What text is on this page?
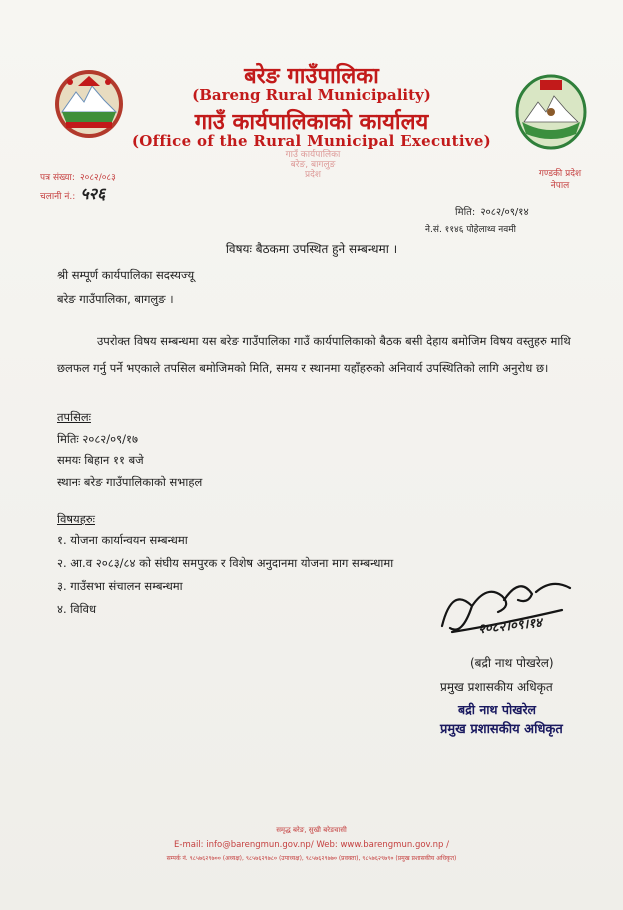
बरेङ गाउँपालिका
(Bareng Rural Municipality)
गाउँ कार्यपालिकाको कार्यालय
(Office of the Rural Municipal Executive)
गाउँ कार्यपालिका
बरेङ, बागलुङ
प्रदेश	गण्डकी प्रदेश
नेपाल
पत्र संख्या: २०८२/०८३
चलानी नं.: ५२६
मिति: २०८२/०९/१४
ने.सं. ११४६ पोहेलाथ्व नवमी
विषयः बैठकमा उपस्थित हुने सम्बन्धमा ।
श्री सम्पूर्ण कार्यपालिका सदस्यज्यू
बरेङ गाउँपालिका, बागलुङ ।
उपरोक्त विषय सम्बन्धमा यस बरेङ गाउँपालिका गाउँ कार्यपालिकाको बैठक बसी देहाय बमोजिम विषय वस्तुहरु माथि छलफल गर्नु पर्ने भएकाले तपसिल बमोजिमको मिति, समय र स्थानमा यहाँहरुको अनिवार्य उपस्थितिको लागि अनुरोध छ।
तपसिलः
मितिः २०८२/०९/१७
समयः बिहान ११ बजे
स्थानः बरेङ गाउँपालिकाको सभाहल
विषयहरुः
१. योजना कार्यान्वयन सम्बन्धमा
२. आ.व २०८३/८४ को संघीय समपुरक र विशेष अनुदानमा योजना माग सम्बन्धामा
३. गाउँसभा संचालन सम्बन्धमा
४. विविध
२०८२।०९।१४
(बद्री नाथ पोखरेल)
प्रमुख प्रशासकीय अधिकृत
बद्री नाथ पोखरेल
प्रमुख प्रशासकीय अधिकृत
समृद्ध बरेङ, सुखी बरेङवासी
E-mail: info@barengmun.gov.np/ Web: www.barengmun.gov.np /
सम्पर्क नं. ९८५७६२९७०० (अध्यक्ष), ९८५७६२९७८० (उपाध्यक्ष), ९८५७६२९७७० (प्रवक्ता), ९८५७६२९७९० (प्रमुख प्रशासकीय अधिकृत)
